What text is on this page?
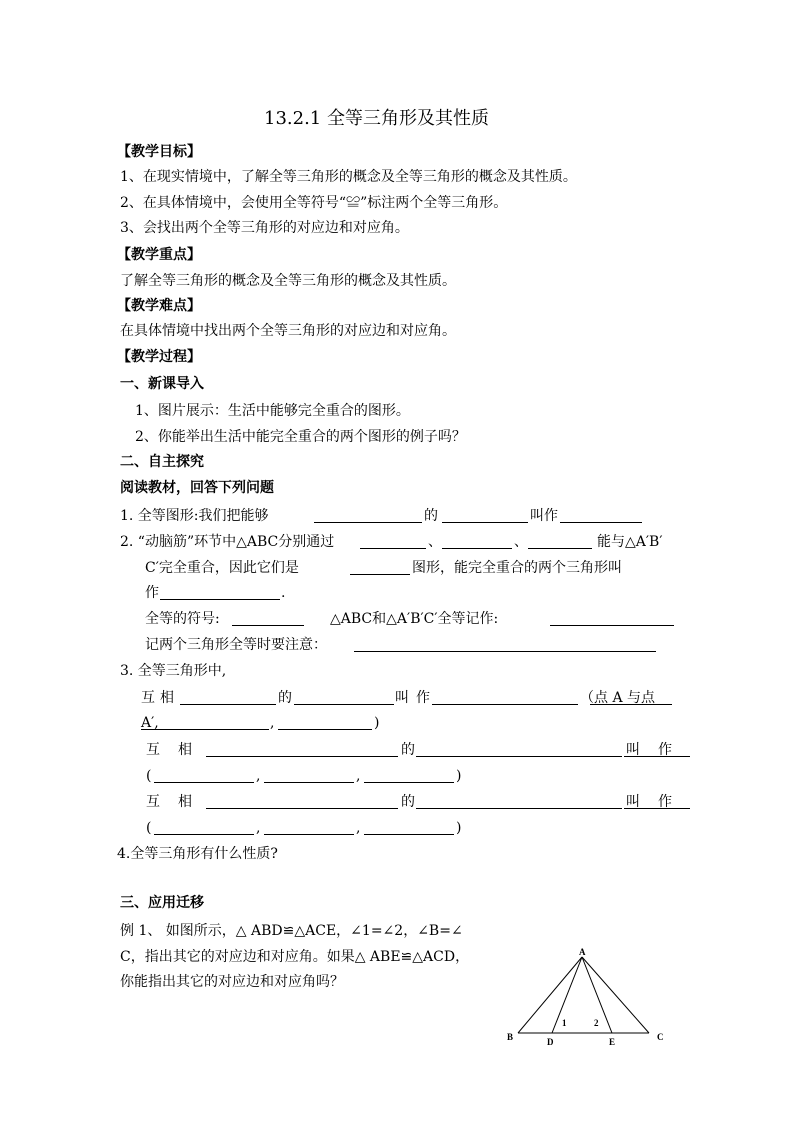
13.2.1 全等三角形及其性质
【教学目标】
1、在现实情境中，了解全等三角形的概念及全等三角形的概念及其性质。
2、在具体情境中，会使用全等符号“≌”标注两个全等三角形。
3、会找出两个全等三角形的对应边和对应角。
【教学重点】
了解全等三角形的概念及全等三角形的概念及其性质。
【教学难点】
在具体情境中找出两个全等三角形的对应边和对应角。
【教学过程】
一、新课导入
1、图片展示：生活中能够完全重合的图形。
2、你能举出生活中能完全重合的两个图形的例子吗？
二、自主探究
阅读教材，回答下列问题
1. 全等图形:我们把能够	的	叫作
2. “动脑筋”环节中△ABC分别通过	、	、	能与△A′B′
C′完全重合，因此它们是	图形，能完全重合的两个三角形叫
作	.
全等的符号:	△ABC和△A′B′C′全等记作:
记两个三角形全等时要注意：
3. 全等三角形中,
互 相	的	叫 作	（点 A 与点
A′,	,	)
互 相	的	叫 作
(	,	,	)
互 相	的	叫 作
(	,	,	)
4.全等三角形有什么性质?
三、应用迁移
例 1、 如图所示，△ ABD≌△ACE，∠1=∠2，∠B=∠
C，指出其它的对应边和对应角。如果△ ABE≌△ACD，
你能指出其它的对应边和对应角吗？
A
B	C
D	E
1	2
